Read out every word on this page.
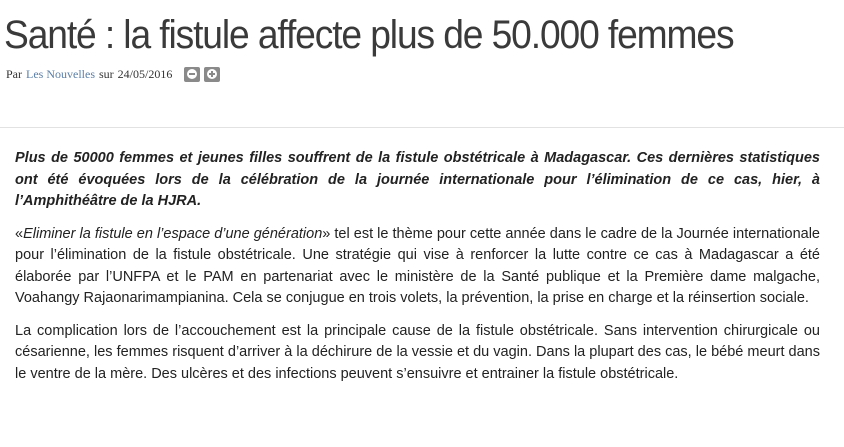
Santé : la fistule affecte plus de 50.000 femmes
Par Les Nouvelles sur 24/05/2016

Plus de 50000 femmes et jeunes filles souffrent de la fistule obstétricale à Madagascar. Ces dernières statistiques ont été évoquées lors de la célébration de la journée internationale pour l’élimination de ce cas, hier, à l’Amphithéâtre de la HJRA.

«Eliminer la fistule en l’espace d’une génération» tel est le thème pour cette année dans le cadre de la Journée internationale pour l’élimination de la fistule obstétricale. Une stratégie qui vise à renforcer la lutte contre ce cas à Madagascar a été élaborée par l’UNFPA et le PAM en partenariat avec le ministère de la Santé publique et la Première dame malgache, Voahangy Rajaonarimampianina. Cela se conjugue en trois volets, la prévention, la prise en charge et la réinsertion sociale.

La complication lors de l’accouchement est la principale cause de la fistule obstétricale. Sans intervention chirurgicale ou césarienne, les femmes risquent d’arriver à la déchirure de la vessie et du vagin. Dans la plupart des cas, le bébé meurt dans le ventre de la mère. Des ulcères et des infections peuvent s’ensuivre et entrainer la fistule obstétricale.
